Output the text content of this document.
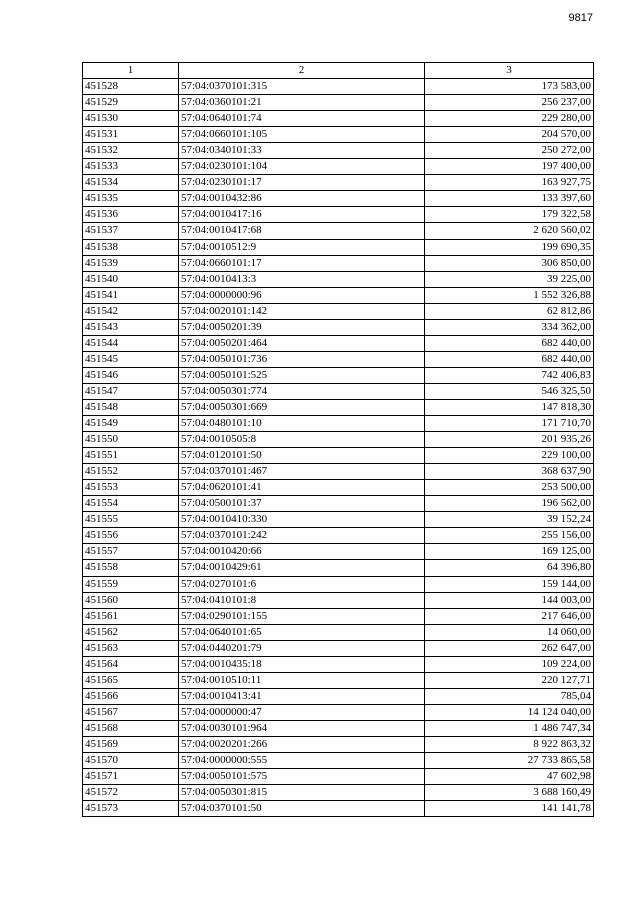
9817
1	2	3
451528	57:04:0370101:315	173 583,00
451529	57:04:0360101:21	256 237,00
451530	57:04:0640101:74	229 280,00
451531	57:04:0660101:105	204 570,00
451532	57:04:0340101:33	250 272,00
451533	57:04:0230101:104	197 400,00
451534	57:04:0230101:17	163 927,75
451535	57:04:0010432:86	133 397,60
451536	57:04:0010417:16	179 322,58
451537	57:04:0010417:68	2 620 560,02
451538	57:04:0010512:9	199 690,35
451539	57:04:0660101:17	306 850,00
451540	57:04:0010413:3	39 225,00
451541	57:04:0000000:96	1 552 326,88
451542	57:04:0020101:142	62 812,86
451543	57:04:0050201:39	334 362,00
451544	57:04:0050201:464	682 440,00
451545	57:04:0050101:736	682 440,00
451546	57:04:0050101:525	742 406,83
451547	57:04:0050301:774	546 325,50
451548	57:04:0050301:669	147 818,30
451549	57:04:0480101:10	171 710,70
451550	57:04:0010505:8	201 935,26
451551	57:04:0120101:50	229 100,00
451552	57:04:0370101:467	368 637,90
451553	57:04:0620101:41	253 500,00
451554	57:04:0500101:37	196 562,00
451555	57:04:0010410:330	39 152,24
451556	57:04:0370101:242	255 156,00
451557	57:04:0010420:66	169 125,00
451558	57:04:0010429:61	64 396,80
451559	57:04:0270101:6	159 144,00
451560	57:04:0410101:8	144 003,00
451561	57:04:0290101:155	217 646,00
451562	57:04:0640101:65	14 060,00
451563	57:04:0440201:79	262 647,00
451564	57:04:0010435:18	109 224,00
451565	57:04:0010510:11	220 127,71
451566	57:04:0010413:41	785,04
451567	57:04:0000000:47	14 124 040,00
451568	57:04:0030101:964	1 486 747,34
451569	57:04:0020201:266	8 922 863,32
451570	57:04:0000000:555	27 733 865,58
451571	57:04:0050101:575	47 602,98
451572	57:04:0050301:815	3 688 160,49
451573	57:04:0370101:50	141 141,78
